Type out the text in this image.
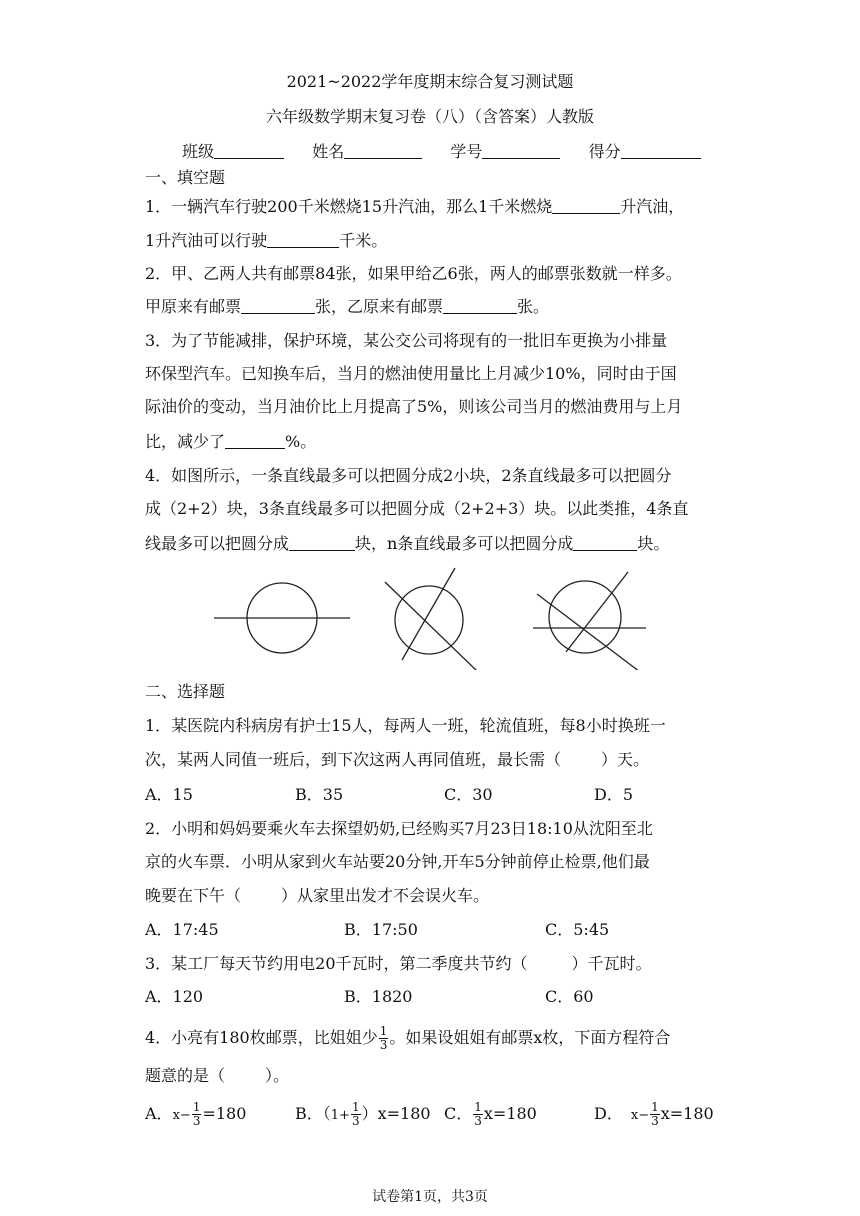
2021~2022学年度期末综合复习测试题
六年级数学期末复习卷（八）（含答案）人教版
班级	姓名	学号	得分
一、填空题
1．一辆汽车行驶200千米燃烧15升汽油，那么1千米燃烧	升汽油，
1升汽油可以行驶	千米。
2．甲、乙两人共有邮票84张，如果甲给乙6张，两人的邮票张数就一样多。
甲原来有邮票	张，乙原来有邮票	张。
3．为了节能减排，保护环境，某公交公司将现有的一批旧车更换为小排量
环保型汽车。已知换车后，当月的燃油使用量比上月减少10%，同时由于国
际油价的变动，当月油价比上月提高了5%，则该公司当月的燃油费用与上月
比，减少了	%。
4．如图所示，一条直线最多可以把圆分成2小块，2条直线最多可以把圆分
成（2+2）块，3条直线最多可以把圆分成（2+2+3）块。以此类推，4条直
线最多可以把圆分成	块，n条直线最多可以把圆分成	块。
二、选择题
1．某医院内科病房有护士15人，每两人一班，轮流值班，每8小时换班一
次，某两人同值一班后，到下次这两人再同值班，最长需（	）天。
A．15	B．35	C．30	D．5
2．小明和妈妈要乘火车去探望奶奶,已经购买7月23日18:10从沈阳至北
京的火车票．小明从家到火车站要20分钟,开车5分钟前停止检票,他们最
晚要在下午（	）从家里出发才不会误火车。
A．17:45	B．17:50	C．5:45
3．某工厂每天节约用电20千瓦时，第二季度共节约（	）千瓦时。
A．120	B．1820	C．60
4．小亮有180枚邮票，比姐姐少 $\frac{1}{3}$ 。如果设姐姐有邮票x枚，下面方程符合
题意的是（	）。
A．$x- \frac{1}{3} =180$	B．$(1+ \frac{1}{3} )x=180$ C． $\frac{1}{3} x=180$	D． $x- \frac{1}{3} x=180$
试卷第1页，共3页
